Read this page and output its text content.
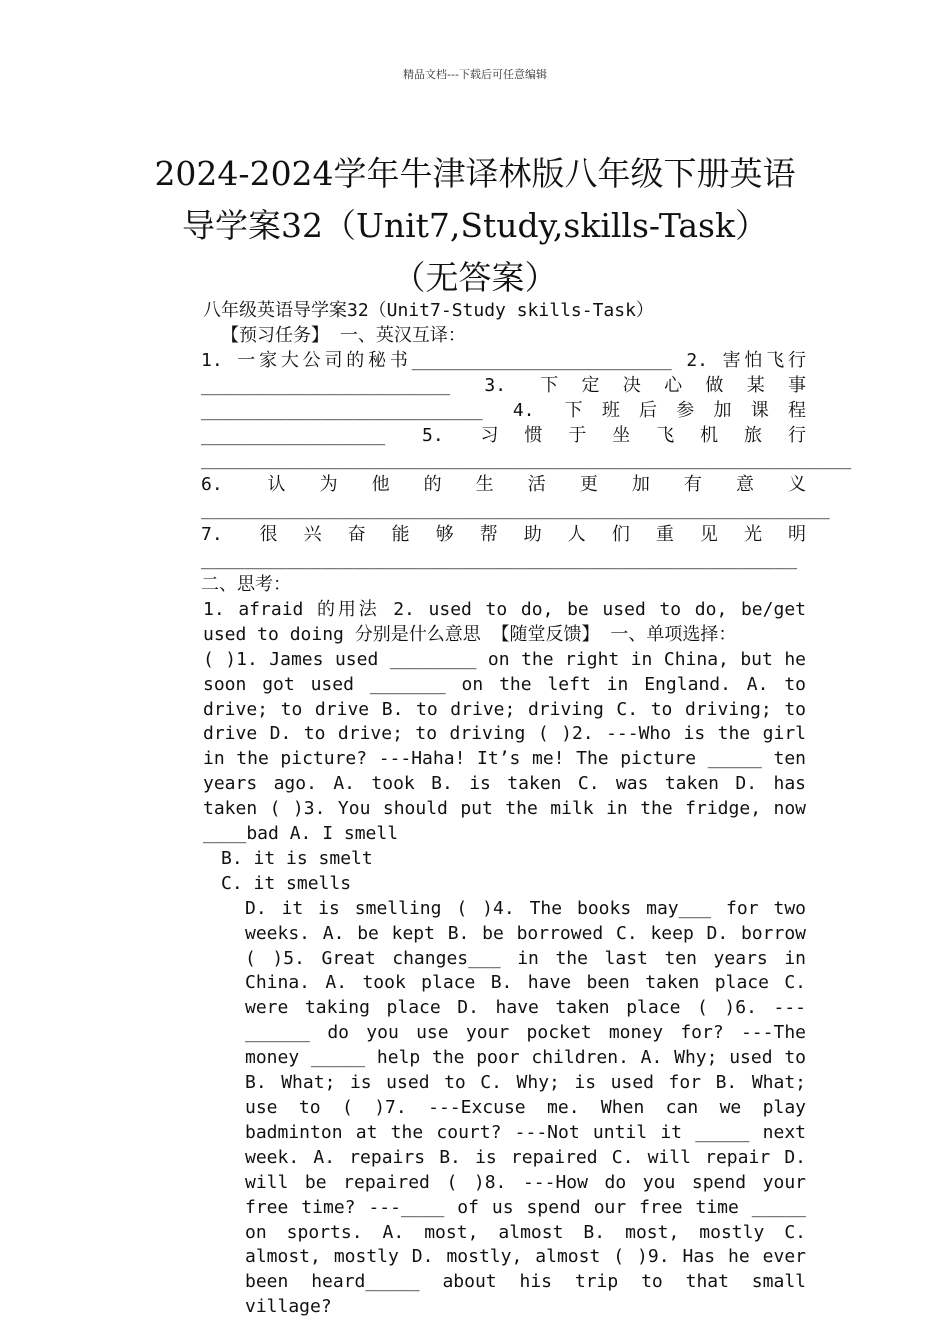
精品文档---下载后可任意编辑
2024-2024学年牛津译林版八年级下册英语
导学案32（Unit7,Study,skills-Task）
（无答案）

八年级英语导学案32（Unit7-Study skills-Task）

【预习任务】 一、英汉互译：

1. 一家大公司的秘书________________________ 2. 害怕飞行_______________________ 3. 下定决心做某事__________________________ 4. 下班后参加课程_________________ 5. 习惯于坐飞机旅行____________________________________________________________ 6. 认为他的生活更加有意义__________________________________________________________ 7. 很兴奋能够帮助人们重见光明_______________________________________________________ 二、思考：

1. afraid 的用法 2. used to do, be used to do, be/get used to doing 分别是什么意思 【随堂反馈】 一、单项选择：

( )1. James used ________ on the right in China, but he soon got used _______ on the left in England. A. to drive; to drive B. to drive; driving C. to driving; to drive D. to drive; to driving ( )2. ---Who is the girl in the picture? ---Haha! It’s me! The picture _____ ten years ago. A. took B. is taken C. was taken D. has taken ( )3. You should put the milk in the fridge, now ____bad A. I smell

B. it is smelt

C. it smells

D. it is smelling ( )4. The books may___ for two weeks. A. be kept B. be borrowed C. keep D. borrow ( )5. Great changes___ in the last ten years in China. A. took place B. have been taken place C. were taking place D. have taken place ( )6. ---______ do you use your pocket money for? ---The money _____ help the poor children. A. Why; used to B. What; is used to C. Why; is used for B. What; use to ( )7. ---Excuse me. When can we play badminton at the court? ---Not until it _____ next week. A. repairs B. is repaired C. will repair D. will be repaired ( )8. ---How do you spend your free time? ---____ of us spend our free time _____ on sports. A. most, almost B. most, mostly C. almost, mostly D. mostly, almost ( )9. Has he ever been heard_____ about his trip to that small village?
